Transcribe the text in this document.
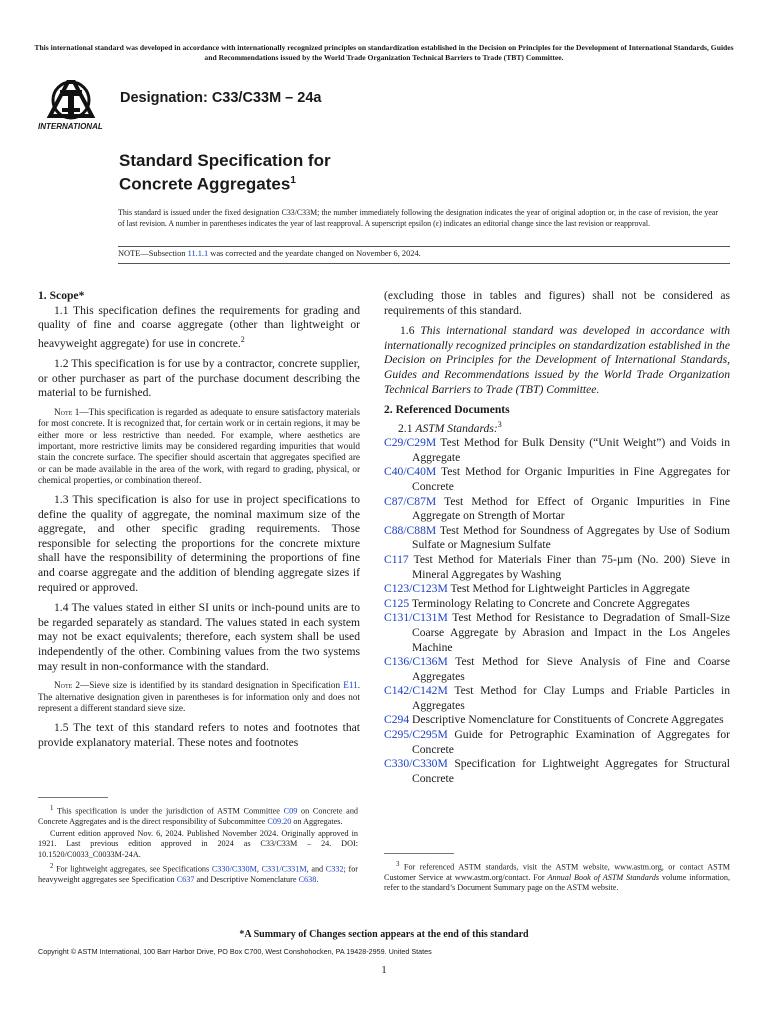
This international standard was developed in accordance with internationally recognized principles on standardization established in the Decision on Principles for the Development of International Standards, Guides and Recommendations issued by the World Trade Organization Technical Barriers to Trade (TBT) Committee.
INTERNATIONAL
Designation: C33/C33M – 24a
Standard Specification for
Concrete Aggregates$^1$
This standard is issued under the fixed designation C33/C33M; the number immediately following the designation indicates the year of original adoption or, in the case of revision, the year of last revision. A number in parentheses indicates the year of last reapproval. A superscript epsilon (ε) indicates an editorial change since the last revision or reapproval.
NOTE—Subsection 11.1.1 was corrected and the yeardate changed on November 6, 2024.

1. Scope*

1.1 This specification defines the requirements for grading and quality of fine and coarse aggregate (other than lightweight or heavyweight aggregate) for use in concrete.$^2$

1.2 This specification is for use by a contractor, concrete supplier, or other purchaser as part of the purchase document describing the material to be furnished.

Note 1—This specification is regarded as adequate to ensure satisfactory materials for most concrete. It is recognized that, for certain work or in certain regions, it may be either more or less restrictive than needed. For example, where aesthetics are important, more restrictive limits may be considered regarding impurities that would stain the concrete surface. The specifier should ascertain that aggregates specified are or can be made available in the area of the work, with regard to grading, physical, or chemical properties, or combination thereof.

1.3 This specification is also for use in project specifications to define the quality of aggregate, the nominal maximum size of the aggregate, and other specific grading requirements. Those responsible for selecting the proportions for the concrete mixture shall have the responsibility of determining the proportions of fine and coarse aggregate and the addition of blending aggregate sizes if required or approved.

1.4 The values stated in either SI units or inch-pound units are to be regarded separately as standard. The values stated in each system may not be exact equivalents; therefore, each system shall be used independently of the other. Combining values from the two systems may result in non-conformance with the standard.

Note 2—Sieve size is identified by its standard designation in Specification E11. The alternative designation given in parentheses is for information only and does not represent a different standard sieve size.

1.5 The text of this standard refers to notes and footnotes that provide explanatory material. These notes and footnotes

(excluding those in tables and figures) shall not be considered as requirements of this standard.

1.6 This international standard was developed in accordance with internationally recognized principles on standardization established in the Decision on Principles for the Development of International Standards, Guides and Recommendations issued by the World Trade Organization Technical Barriers to Trade (TBT) Committee.

2. Referenced Documents

2.1 ASTM Standards:$^3$

C29/C29M Test Method for Bulk Density (“Unit Weight”) and Voids in Aggregate

C40/C40M Test Method for Organic Impurities in Fine Aggregates for Concrete

C87/C87M Test Method for Effect of Organic Impurities in Fine Aggregate on Strength of Mortar

C88/C88M Test Method for Soundness of Aggregates by Use of Sodium Sulfate or Magnesium Sulfate

C117 Test Method for Materials Finer than 75-µm (No. 200) Sieve in Mineral Aggregates by Washing

C123/C123M Test Method for Lightweight Particles in Aggregate

C125 Terminology Relating to Concrete and Concrete Aggregates

C131/C131M Test Method for Resistance to Degradation of Small-Size Coarse Aggregate by Abrasion and Impact in the Los Angeles Machine

C136/C136M Test Method for Sieve Analysis of Fine and Coarse Aggregates

C142/C142M Test Method for Clay Lumps and Friable Particles in Aggregates

C294 Descriptive Nomenclature for Constituents of Concrete Aggregates

C295/C295M Guide for Petrographic Examination of Aggregates for Concrete

C330/C330M Specification for Lightweight Aggregates for Structural Concrete

$^1$ This specification is under the jurisdiction of ASTM Committee C09 on Concrete and Concrete Aggregates and is the direct responsibility of Subcommittee C09.20 on Aggregates.

Current edition approved Nov. 6, 2024. Published November 2024. Originally approved in 1921. Last previous edition approved in 2024 as C33/C33M – 24. DOI: 10.1520/C0033_C0033M-24A.

$^2$ For lightweight aggregates, see Specifications C330/C330M, C331/C331M, and C332; for heavyweight aggregates see Specification C637 and Descriptive Nomenclature C638.

$^3$ For referenced ASTM standards, visit the ASTM website, www.astm.org, or contact ASTM Customer Service at www.astm.org/contact. For Annual Book of ASTM Standards volume information, refer to the standard’s Document Summary page on the ASTM website.

*A Summary of Changes section appears at the end of this standard
Copyright © ASTM International, 100 Barr Harbor Drive, PO Box C700, West Conshohocken, PA 19428-2959. United States
1
